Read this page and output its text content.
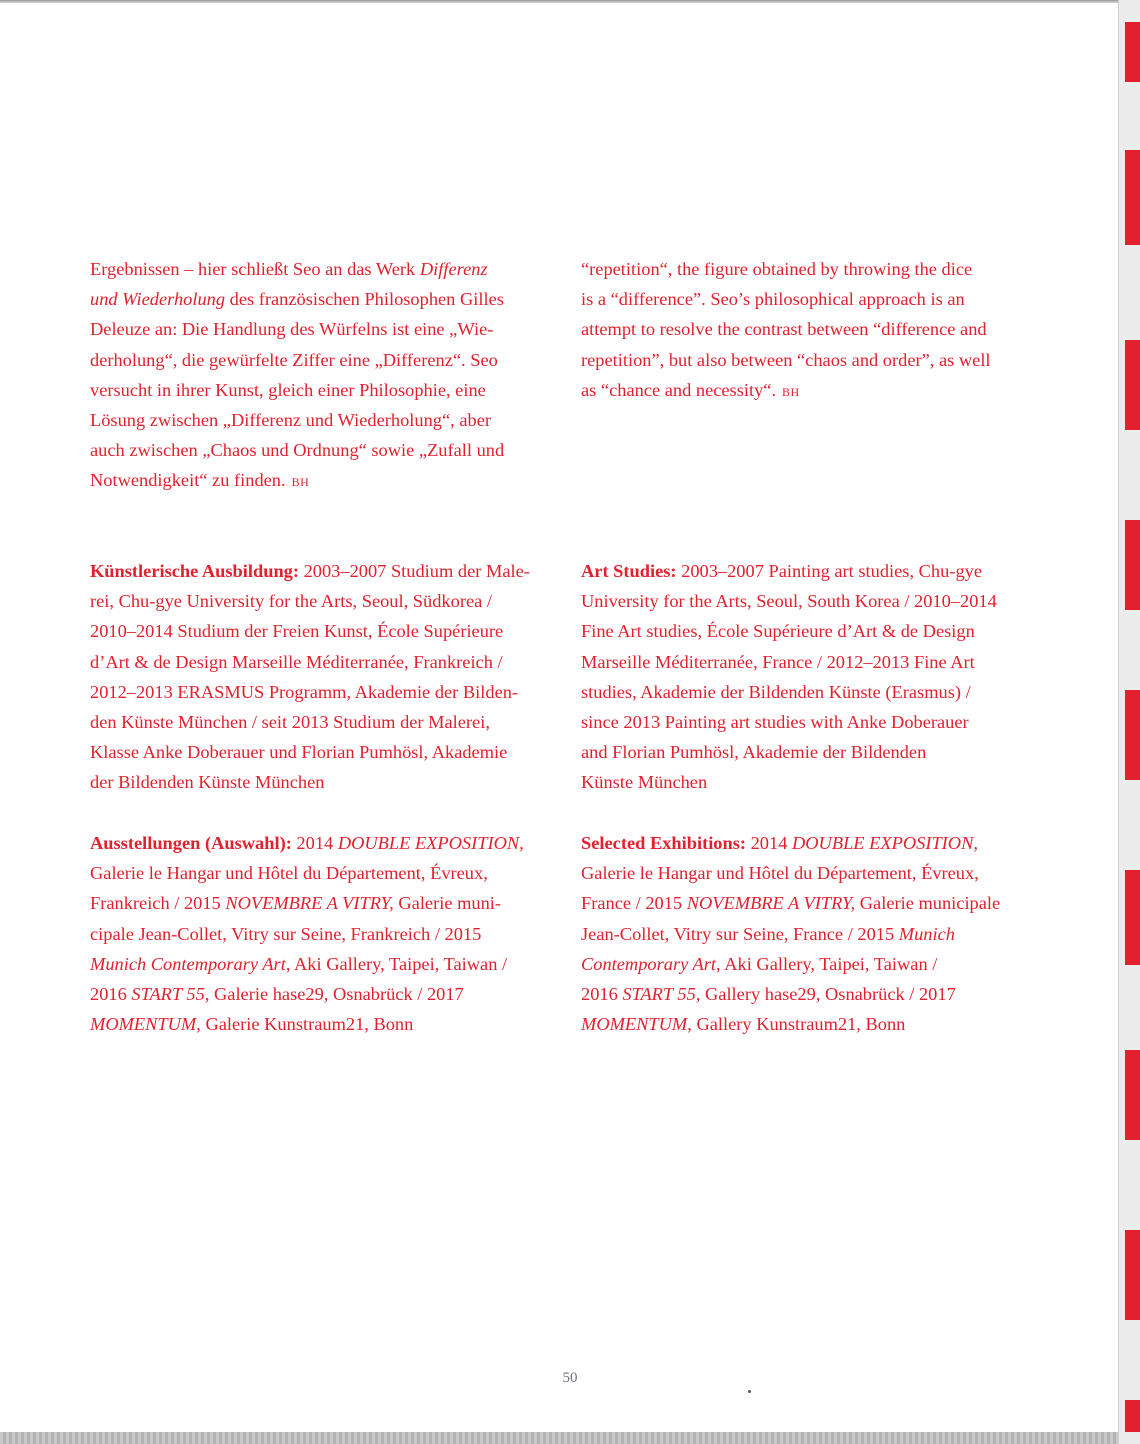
Ergebnissen – hier schließt Seo an das Werk Differenz

und Wiederholung des französischen Philosophen Gilles

Deleuze an: Die Handlung des Würfelns ist eine „Wie-

derholung“, die gewürfelte Ziffer eine „Differenz“. Seo

versucht in ihrer Kunst, gleich einer Philosophie, eine

Lösung zwischen „Differenz und Wiederholung“, aber

auch zwischen „Chaos und Ordnung“ sowie „Zufall und

Notwendigkeit“ zu finden. BH

“repetition“, the figure obtained by throwing the dice

is a “difference”. Seo’s philosophical approach is an

attempt to resolve the contrast between “difference and

repetition”, but also between “chaos and order”, as well

as “chance and necessity“. BH

Künstlerische Ausbildung: 2003–2007 Studium der Male-

rei, Chu-gye University for the Arts, Seoul, Südkorea /

2010–2014 Studium der Freien Kunst, École Supérieure

d’Art & de Design Marseille Méditerranée, Frankreich /

2012–2013 ERASMUS Programm, Akademie der Bilden-

den Künste München / seit 2013 Studium der Malerei,

Klasse Anke Doberauer und Florian Pumhösl, Akademie

der Bildenden Künste München

Art Studies: 2003–2007 Painting art studies, Chu-gye

University for the Arts, Seoul, South Korea / 2010–2014

Fine Art studies, École Supérieure d’Art & de Design

Marseille Méditerranée, France / 2012–2013 Fine Art

studies, Akademie der Bildenden Künste (Erasmus) /

since 2013 Painting art studies with Anke Doberauer

and Florian Pumhösl, Akademie der Bildenden

Künste München

Ausstellungen (Auswahl): 2014 DOUBLE EXPOSITION,

Galerie le Hangar und Hôtel du Département, Évreux,

Frankreich / 2015 NOVEMBRE A VITRY, Galerie muni-

cipale Jean-Collet, Vitry sur Seine, Frankreich / 2015

Munich Contemporary Art, Aki Gallery, Taipei, Taiwan /

2016 START 55, Galerie hase29, Osnabrück / 2017

MOMENTUM, Galerie Kunstraum21, Bonn

Selected Exhibitions: 2014 DOUBLE EXPOSITION,

Galerie le Hangar und Hôtel du Département, Évreux,

France / 2015 NOVEMBRE A VITRY, Galerie municipale

Jean-Collet, Vitry sur Seine, France / 2015 Munich

Contemporary Art, Aki Gallery, Taipei, Taiwan /

2016 START 55, Gallery hase29, Osnabrück / 2017

MOMENTUM, Gallery Kunstraum21, Bonn

50
